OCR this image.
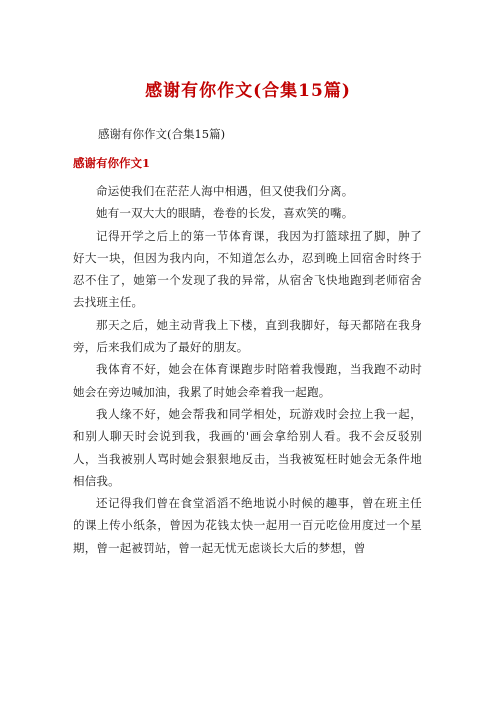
感谢有你作文(合集15篇)
感谢有你作文(合集15篇)
感谢有你作文1

命运使我们在茫茫人海中相遇，但又使我们分离。

她有一双大大的眼睛，卷卷的长发，喜欢笑的嘴。

记得开学之后上的第一节体育课，我因为打篮球扭了脚，肿了好大一块，但因为我内向，不知道怎么办，忍到晚上回宿舍时终于忍不住了，她第一个发现了我的异常，从宿舍飞快地跑到老师宿舍去找班主任。

那天之后，她主动背我上下楼，直到我脚好，每天都陪在我身旁，后来我们成为了最好的朋友。

我体育不好，她会在体育课跑步时陪着我慢跑，当我跑不动时她会在旁边喊加油，我累了时她会牵着我一起跑。

我人缘不好，她会帮我和同学相处，玩游戏时会拉上我一起，和别人聊天时会说到我，我画的'画会拿给别人看。我不会反驳别人，当我被别人骂时她会狠狠地反击，当我被冤枉时她会无条件地相信我。

还记得我们曾在食堂滔滔不绝地说小时候的趣事，曾在班主任的课上传小纸条，曾因为花钱太快一起用一百元吃俭用度过一个星期，曾一起被罚站，曾一起无忧无虑谈长大后的梦想，曾
